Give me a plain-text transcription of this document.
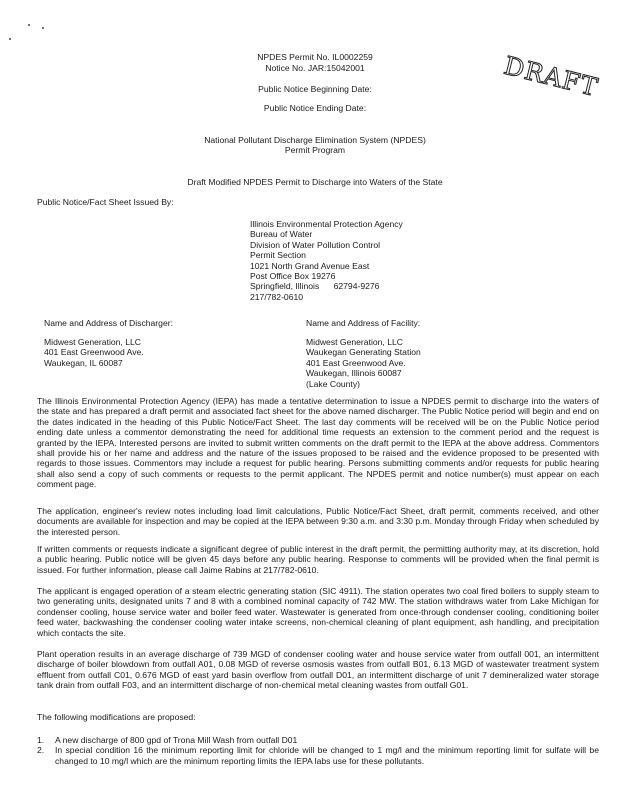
NPDES Permit No. IL0002259
Notice No. JAR:15042001
Public Notice Beginning Date:
Public Notice Ending Date:
DRAFT
National Pollutant Discharge Elimination System (NPDES)
Permit Program
Draft Modified NPDES Permit to Discharge into Waters of the State
Public Notice/Fact Sheet Issued By:
Illinois Environmental Protection Agency
Bureau of Water
Division of Water Pollution Control
Permit Section
1021 North Grand Avenue East
Post Office Box 19276
Springfield, Illinois      62794-9276
217/782-0610
Name and Address of Discharger:	Name and Address of Facility:
Midwest Generation, LLC
401 East Greenwood Ave.
Waukegan, IL 60087
Midwest Generation, LLC
Waukegan Generating Station
401 East Greenwood Ave.
Waukegan, Illinois 60087
(Lake County)
The Illinois Environmental Protection Agency (IEPA) has made a tentative determination to issue a NPDES permit to discharge into the waters of the state and has prepared a draft permit and associated fact sheet for the above named discharger. The Public Notice period will begin and end on the dates indicated in the heading of this Public Notice/Fact Sheet. The last day comments will be received will be on the Public Notice period ending date unless a commentor demonstrating the need for additional time requests an extension to the comment period and the request is granted by the IEPA. Interested persons are invited to submit written comments on the draft permit to the IEPA at the above address. Commentors shall provide his or her name and address and the nature of the issues proposed to be raised and the evidence proposed to be presented with regards to those issues. Commentors may include a request for public hearing. Persons submitting comments and/or requests for public hearing shall also send a copy of such comments or requests to the permit applicant. The NPDES permit and notice number(s) must appear on each comment page.
The application, engineer's review notes including load limit calculations, Public Notice/Fact Sheet, draft permit, comments received, and other documents are available for inspection and may be copied at the IEPA between 9:30 a.m. and 3:30 p.m. Monday through Friday when scheduled by the interested person.
If written comments or requests indicate a significant degree of public interest in the draft permit, the permitting authority may, at its discretion, hold a public hearing. Public notice will be given 45 days before any public hearing. Response to comments will be provided when the final permit is issued. For further information, please call Jaime Rabins at 217/782-0610.
The applicant is engaged operation of a steam electric generating station (SIC 4911). The station operates two coal fired boilers to supply steam to two generating units, designated units 7 and 8 with a combined nominal capacity of 742 MW. The station withdraws water from Lake Michigan for condenser cooling, house service water and boiler feed water. Wastewater is generated from once-through condenser cooling, conditioning boiler feed water, backwashing the condenser cooling water intake screens, non-chemical cleaning of plant equipment, ash handling, and precipitation which contacts the site.
Plant operation results in an average discharge of 739 MGD of condenser cooling water and house service water from outfall 001, an intermittent discharge of boiler blowdown from outfall A01, 0.08 MGD of reverse osmosis wastes from outfall B01, 6.13 MGD of wastewater treatment system effluent from outfall C01, 0.676 MGD of east yard basin overflow from outfall D01, an intermittent discharge of unit 7 demineralized water storage tank drain from outfall F03, and an intermittent discharge of non-chemical metal cleaning wastes from outfall G01.
The following modifications are proposed:
1.	A new discharge of 800 gpd of Trona Mill Wash from outfall D01
2.	In special condition 16 the minimum reporting limit for chloride will be changed to 1 mg/l and the minimum reporting limit for sulfate will be changed to 10 mg/l which are the minimum reporting limits the IEPA labs use for these pollutants.
